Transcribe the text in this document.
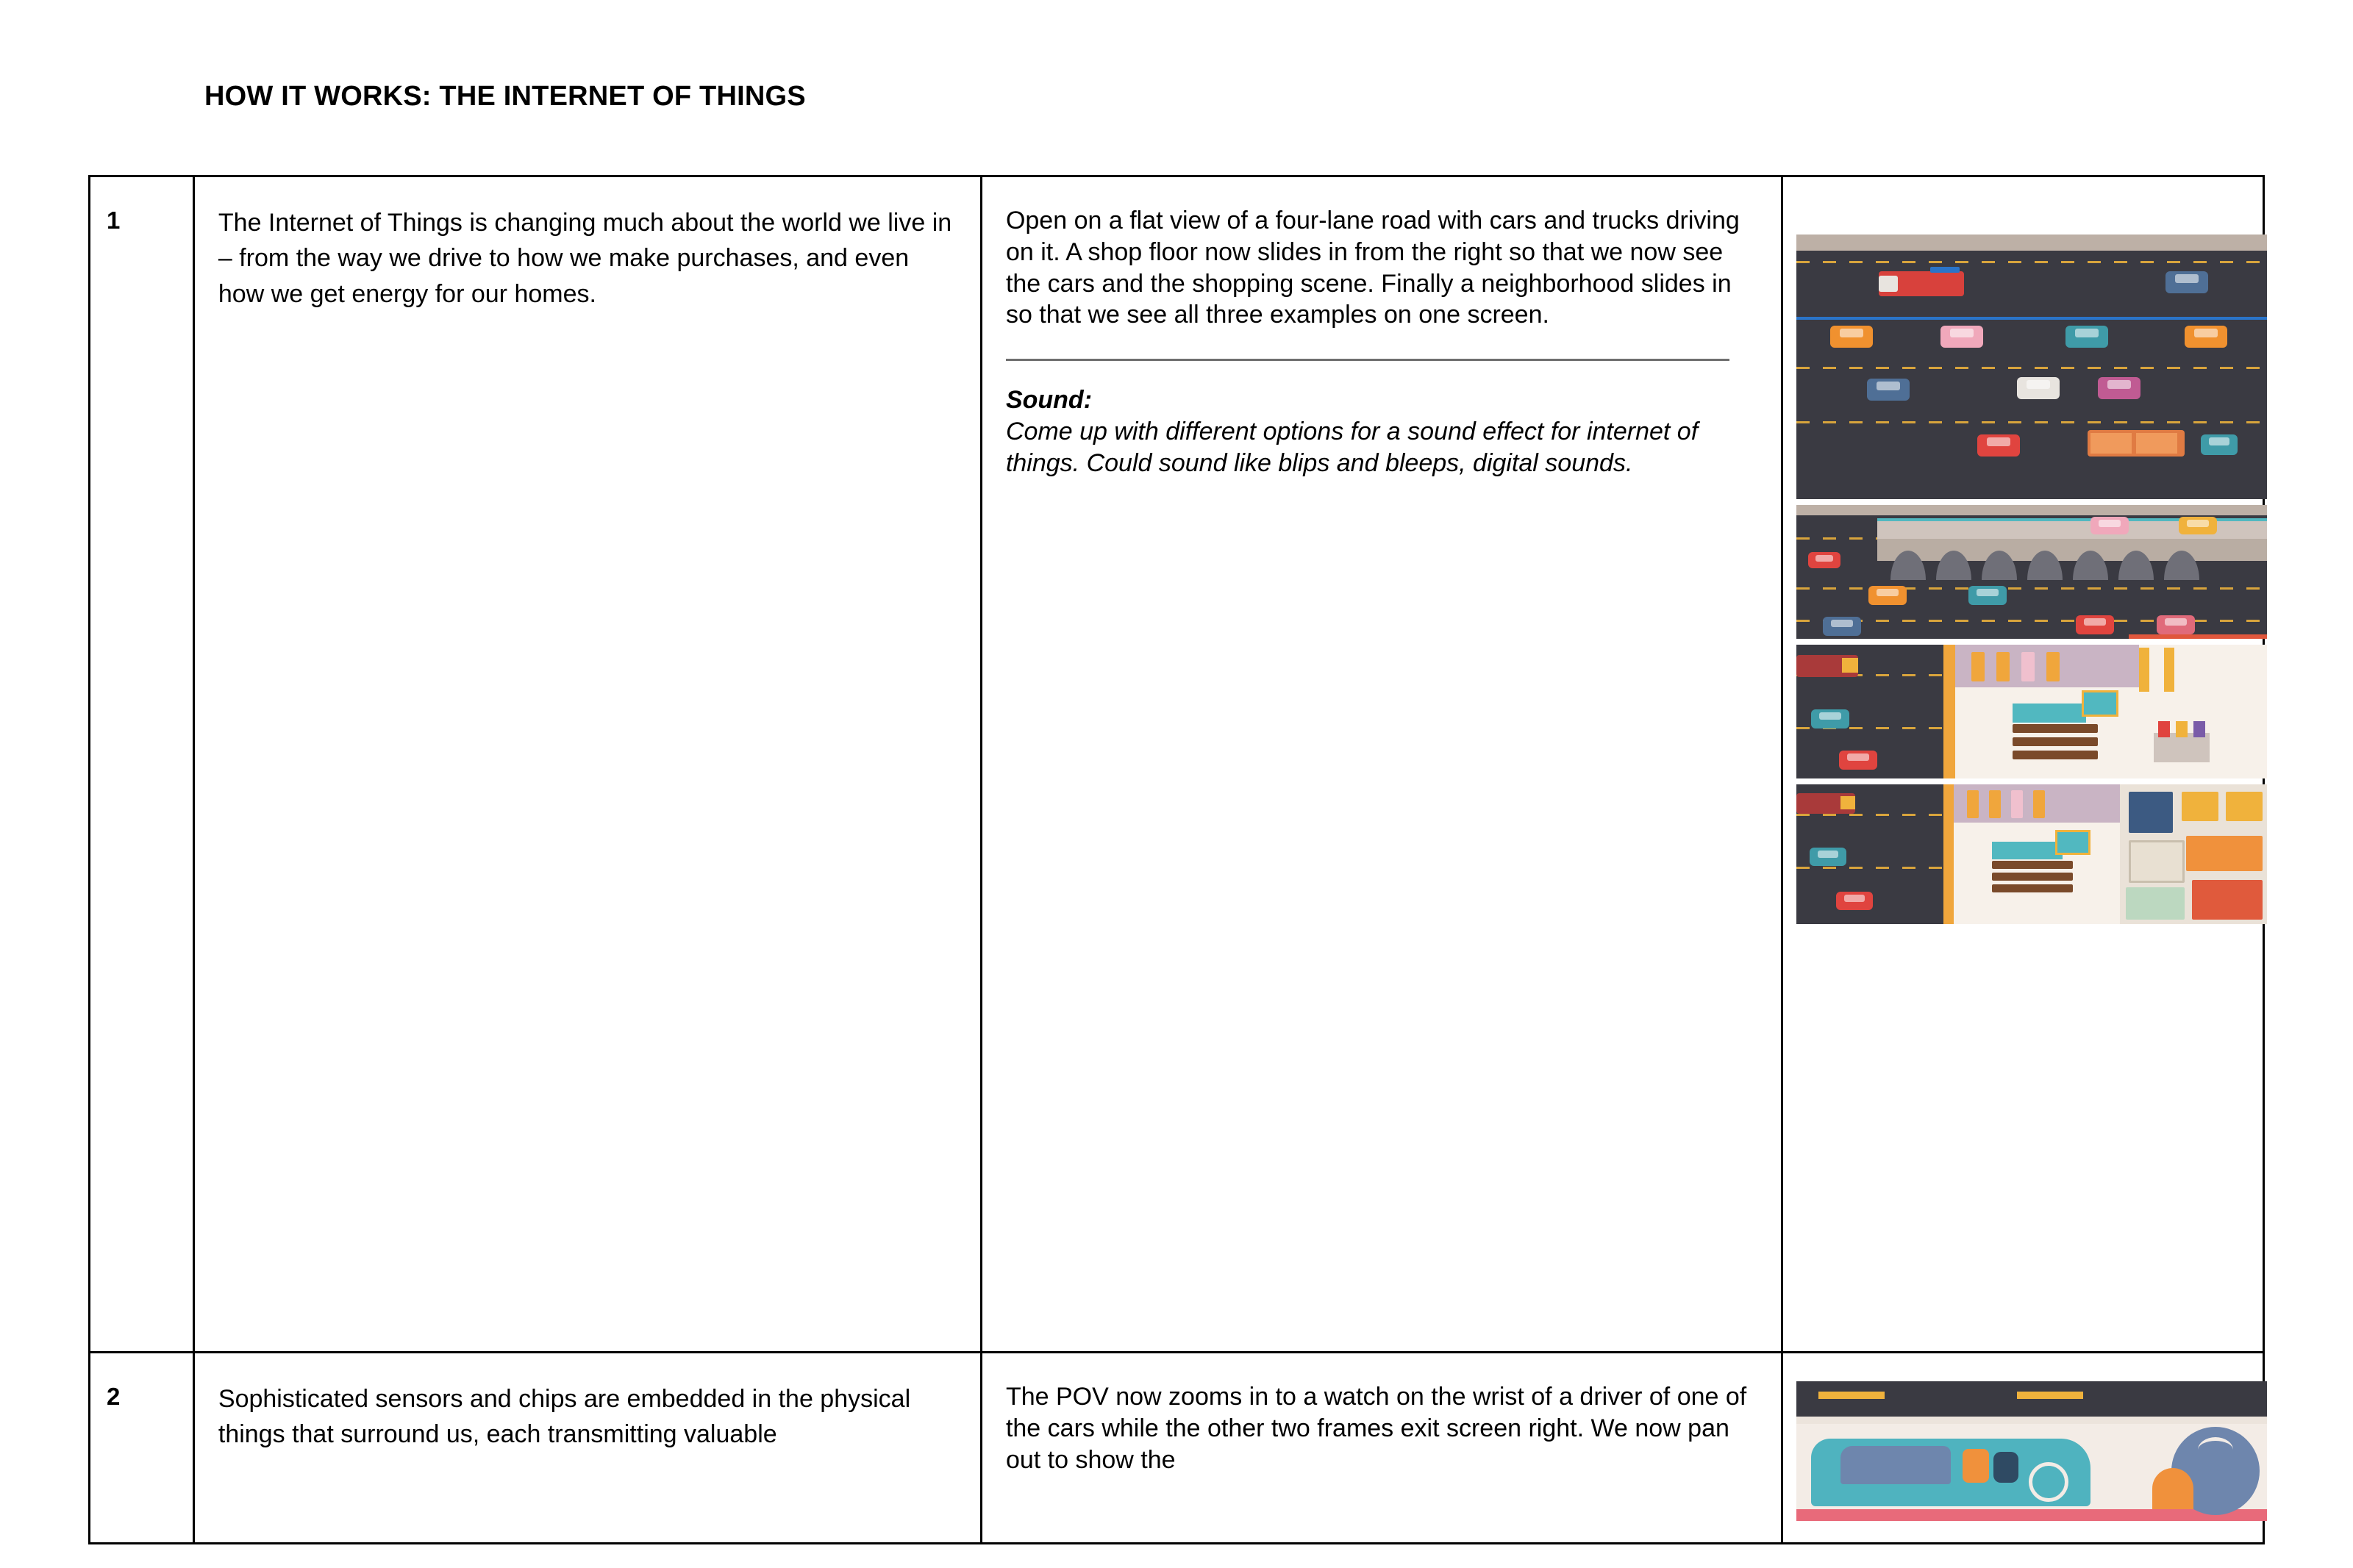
HOW IT WORKS: THE INTERNET OF THINGS
1	The Internet of Things is changing much about the world we live in – from the way we drive to how we make purchases, and even how we get energy for our homes.
Open on a flat view of a four-lane road with cars and trucks driving on it. A shop floor now slides in from the right so that we now see the cars and the shopping scene. Finally a neighborhood slides in so that we see all three examples on one screen.
Sound:
Come up with different options for a sound effect for internet of things. Could sound like blips and bleeps, digital sounds.
2	Sophisticated sensors and chips are embedded in the physical things that surround us, each transmitting valuable
The POV now zooms in to a watch on the wrist of a driver of one of the cars while the other two frames exit screen right. We now pan out to show the
